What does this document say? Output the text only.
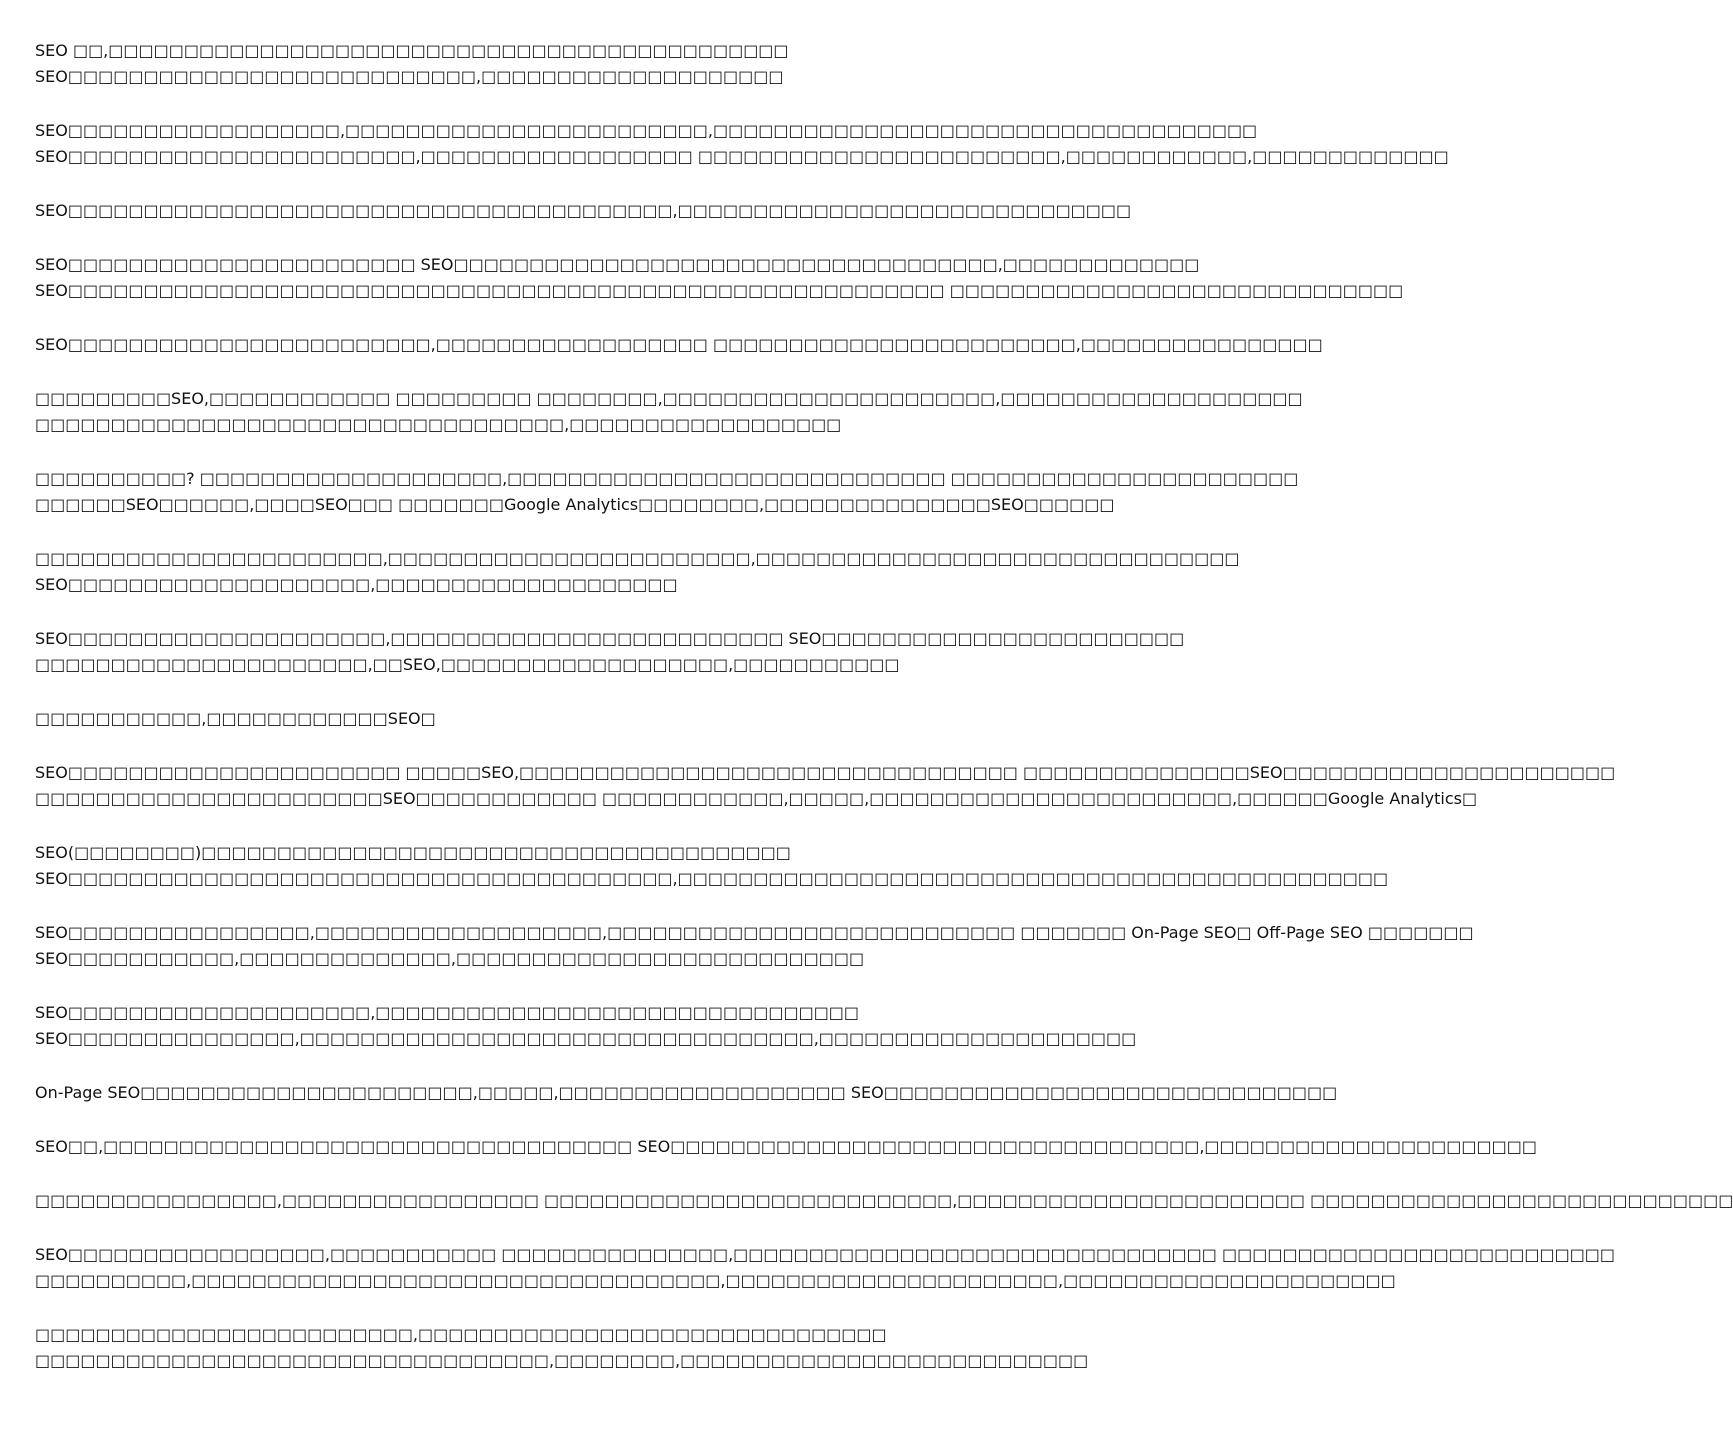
SEO □□,□□□□□□□□□□□□□□□□□□□□□□□□□□□□□□□□□□□□□□□□□□□□□
SEO□□□□□□□□□□□□□□□□□□□□□□□□□□□,□□□□□□□□□□□□□□□□□□□□

SEO□□□□□□□□□□□□□□□□□□,□□□□□□□□□□□□□□□□□□□□□□□□,□□□□□□□□□□□□□□□□□□□□□□□□□□□□□□□□□□□□
SEO□□□□□□□□□□□□□□□□□□□□□□□,□□□□□□□□□□□□□□□□□□ □□□□□□□□□□□□□□□□□□□□□□□□,□□□□□□□□□□□□,□□□□□□□□□□□□□

SEO□□□□□□□□□□□□□□□□□□□□□□□□□□□□□□□□□□□□□□□□,□□□□□□□□□□□□□□□□□□□□□□□□□□□□□□

SEO□□□□□□□□□□□□□□□□□□□□□□□ SEO□□□□□□□□□□□□□□□□□□□□□□□□□□□□□□□□□□□□,□□□□□□□□□□□□□
SEO□□□□□□□□□□□□□□□□□□□□□□□□□□□□□□□□□□□□□□□□□□□□□□□□□□□□□□□□□□ □□□□□□□□□□□□□□□□□□□□□□□□□□□□□□

SEO□□□□□□□□□□□□□□□□□□□□□□□□,□□□□□□□□□□□□□□□□□□ □□□□□□□□□□□□□□□□□□□□□□□□,□□□□□□□□□□□□□□□□

□□□□□□□□□SEO,□□□□□□□□□□□□ □□□□□□□□□ □□□□□□□□,□□□□□□□□□□□□□□□□□□□□□□,□□□□□□□□□□□□□□□□□□□□
□□□□□□□□□□□□□□□□□□□□□□□□□□□□□□□□□□□,□□□□□□□□□□□□□□□□□□

□□□□□□□□□□? □□□□□□□□□□□□□□□□□□□□,□□□□□□□□□□□□□□□□□□□□□□□□□□□□□ □□□□□□□□□□□□□□□□□□□□□□□
□□□□□□SEO□□□□□□,□□□□SEO□□□ □□□□□□□Google Analytics□□□□□□□□,□□□□□□□□□□□□□□□SEO□□□□□□

□□□□□□□□□□□□□□□□□□□□□□□,□□□□□□□□□□□□□□□□□□□□□□□□,□□□□□□□□□□□□□□□□□□□□□□□□□□□□□□□□
SEO□□□□□□□□□□□□□□□□□□□□,□□□□□□□□□□□□□□□□□□□□

SEO□□□□□□□□□□□□□□□□□□□□□,□□□□□□□□□□□□□□□□□□□□□□□□□□ SEO□□□□□□□□□□□□□□□□□□□□□□□□
□□□□□□□□□□□□□□□□□□□□□□,□□SEO,□□□□□□□□□□□□□□□□□□□,□□□□□□□□□□□

□□□□□□□□□□□,□□□□□□□□□□□□SEO□

SEO□□□□□□□□□□□□□□□□□□□□□□ □□□□□SEO,□□□□□□□□□□□□□□□□□□□□□□□□□□□□□□□□□ □□□□□□□□□□□□□□□SEO□□□□□□□□□□□□□□□□□□□□□□
□□□□□□□□□□□□□□□□□□□□□□□SEO□□□□□□□□□□□□ □□□□□□□□□□□□,□□□□□,□□□□□□□□□□□□□□□□□□□□□□□□,□□□□□□Google Analytics□

SEO(□□□□□□□□)□□□□□□□□□□□□□□□□□□□□□□□□□□□□□□□□□□□□□□□
SEO□□□□□□□□□□□□□□□□□□□□□□□□□□□□□□□□□□□□□□□□,□□□□□□□□□□□□□□□□□□□□□□□□□□□□□□□□□□□□□□□□□□□□□□□

SEO□□□□□□□□□□□□□□□□,□□□□□□□□□□□□□□□□□□□,□□□□□□□□□□□□□□□□□□□□□□□□□□□ □□□□□□□ On-Page SEO□ Off-Page SEO □□□□□□□
SEO□□□□□□□□□□□,□□□□□□□□□□□□□□,□□□□□□□□□□□□□□□□□□□□□□□□□□□

SEO□□□□□□□□□□□□□□□□□□□□,□□□□□□□□□□□□□□□□□□□□□□□□□□□□□□□□
SEO□□□□□□□□□□□□□□□,□□□□□□□□□□□□□□□□□□□□□□□□□□□□□□□□□□,□□□□□□□□□□□□□□□□□□□□□

On-Page SEO□□□□□□□□□□□□□□□□□□□□□□,□□□□□,□□□□□□□□□□□□□□□□□□□ SEO□□□□□□□□□□□□□□□□□□□□□□□□□□□□□□

SEO□□,□□□□□□□□□□□□□□□□□□□□□□□□□□□□□□□□□□□ SEO□□□□□□□□□□□□□□□□□□□□□□□□□□□□□□□□□□□,□□□□□□□□□□□□□□□□□□□□□□

□□□□□□□□□□□□□□□□,□□□□□□□□□□□□□□□□□ □□□□□□□□□□□□□□□□□□□□□□□□□□□,□□□□□□□□□□□□□□□□□□□□□□□ □□□□□□□□□□□□□□□□□□□□□□□□□□□□

SEO□□□□□□□□□□□□□□□□□,□□□□□□□□□□□ □□□□□□□□□□□□□□□,□□□□□□□□□□□□□□□□□□□□□□□□□□□□□□□□ □□□□□□□□□□□□□□□□□□□□□□□□□□
□□□□□□□□□□,□□□□□□□□□□□□□□□□□□□□□□□□□□□□□□□□□□□,□□□□□□□□□□□□□□□□□□□□□□,□□□□□□□□□□□□□□□□□□□□□□

□□□□□□□□□□□□□□□□□□□□□□□□□,□□□□□□□□□□□□□□□□□□□□□□□□□□□□□□□
□□□□□□□□□□□□□□□□□□□□□□□□□□□□□□□□□□,□□□□□□□□,□□□□□□□□□□□□□□□□□□□□□□□□□□□
